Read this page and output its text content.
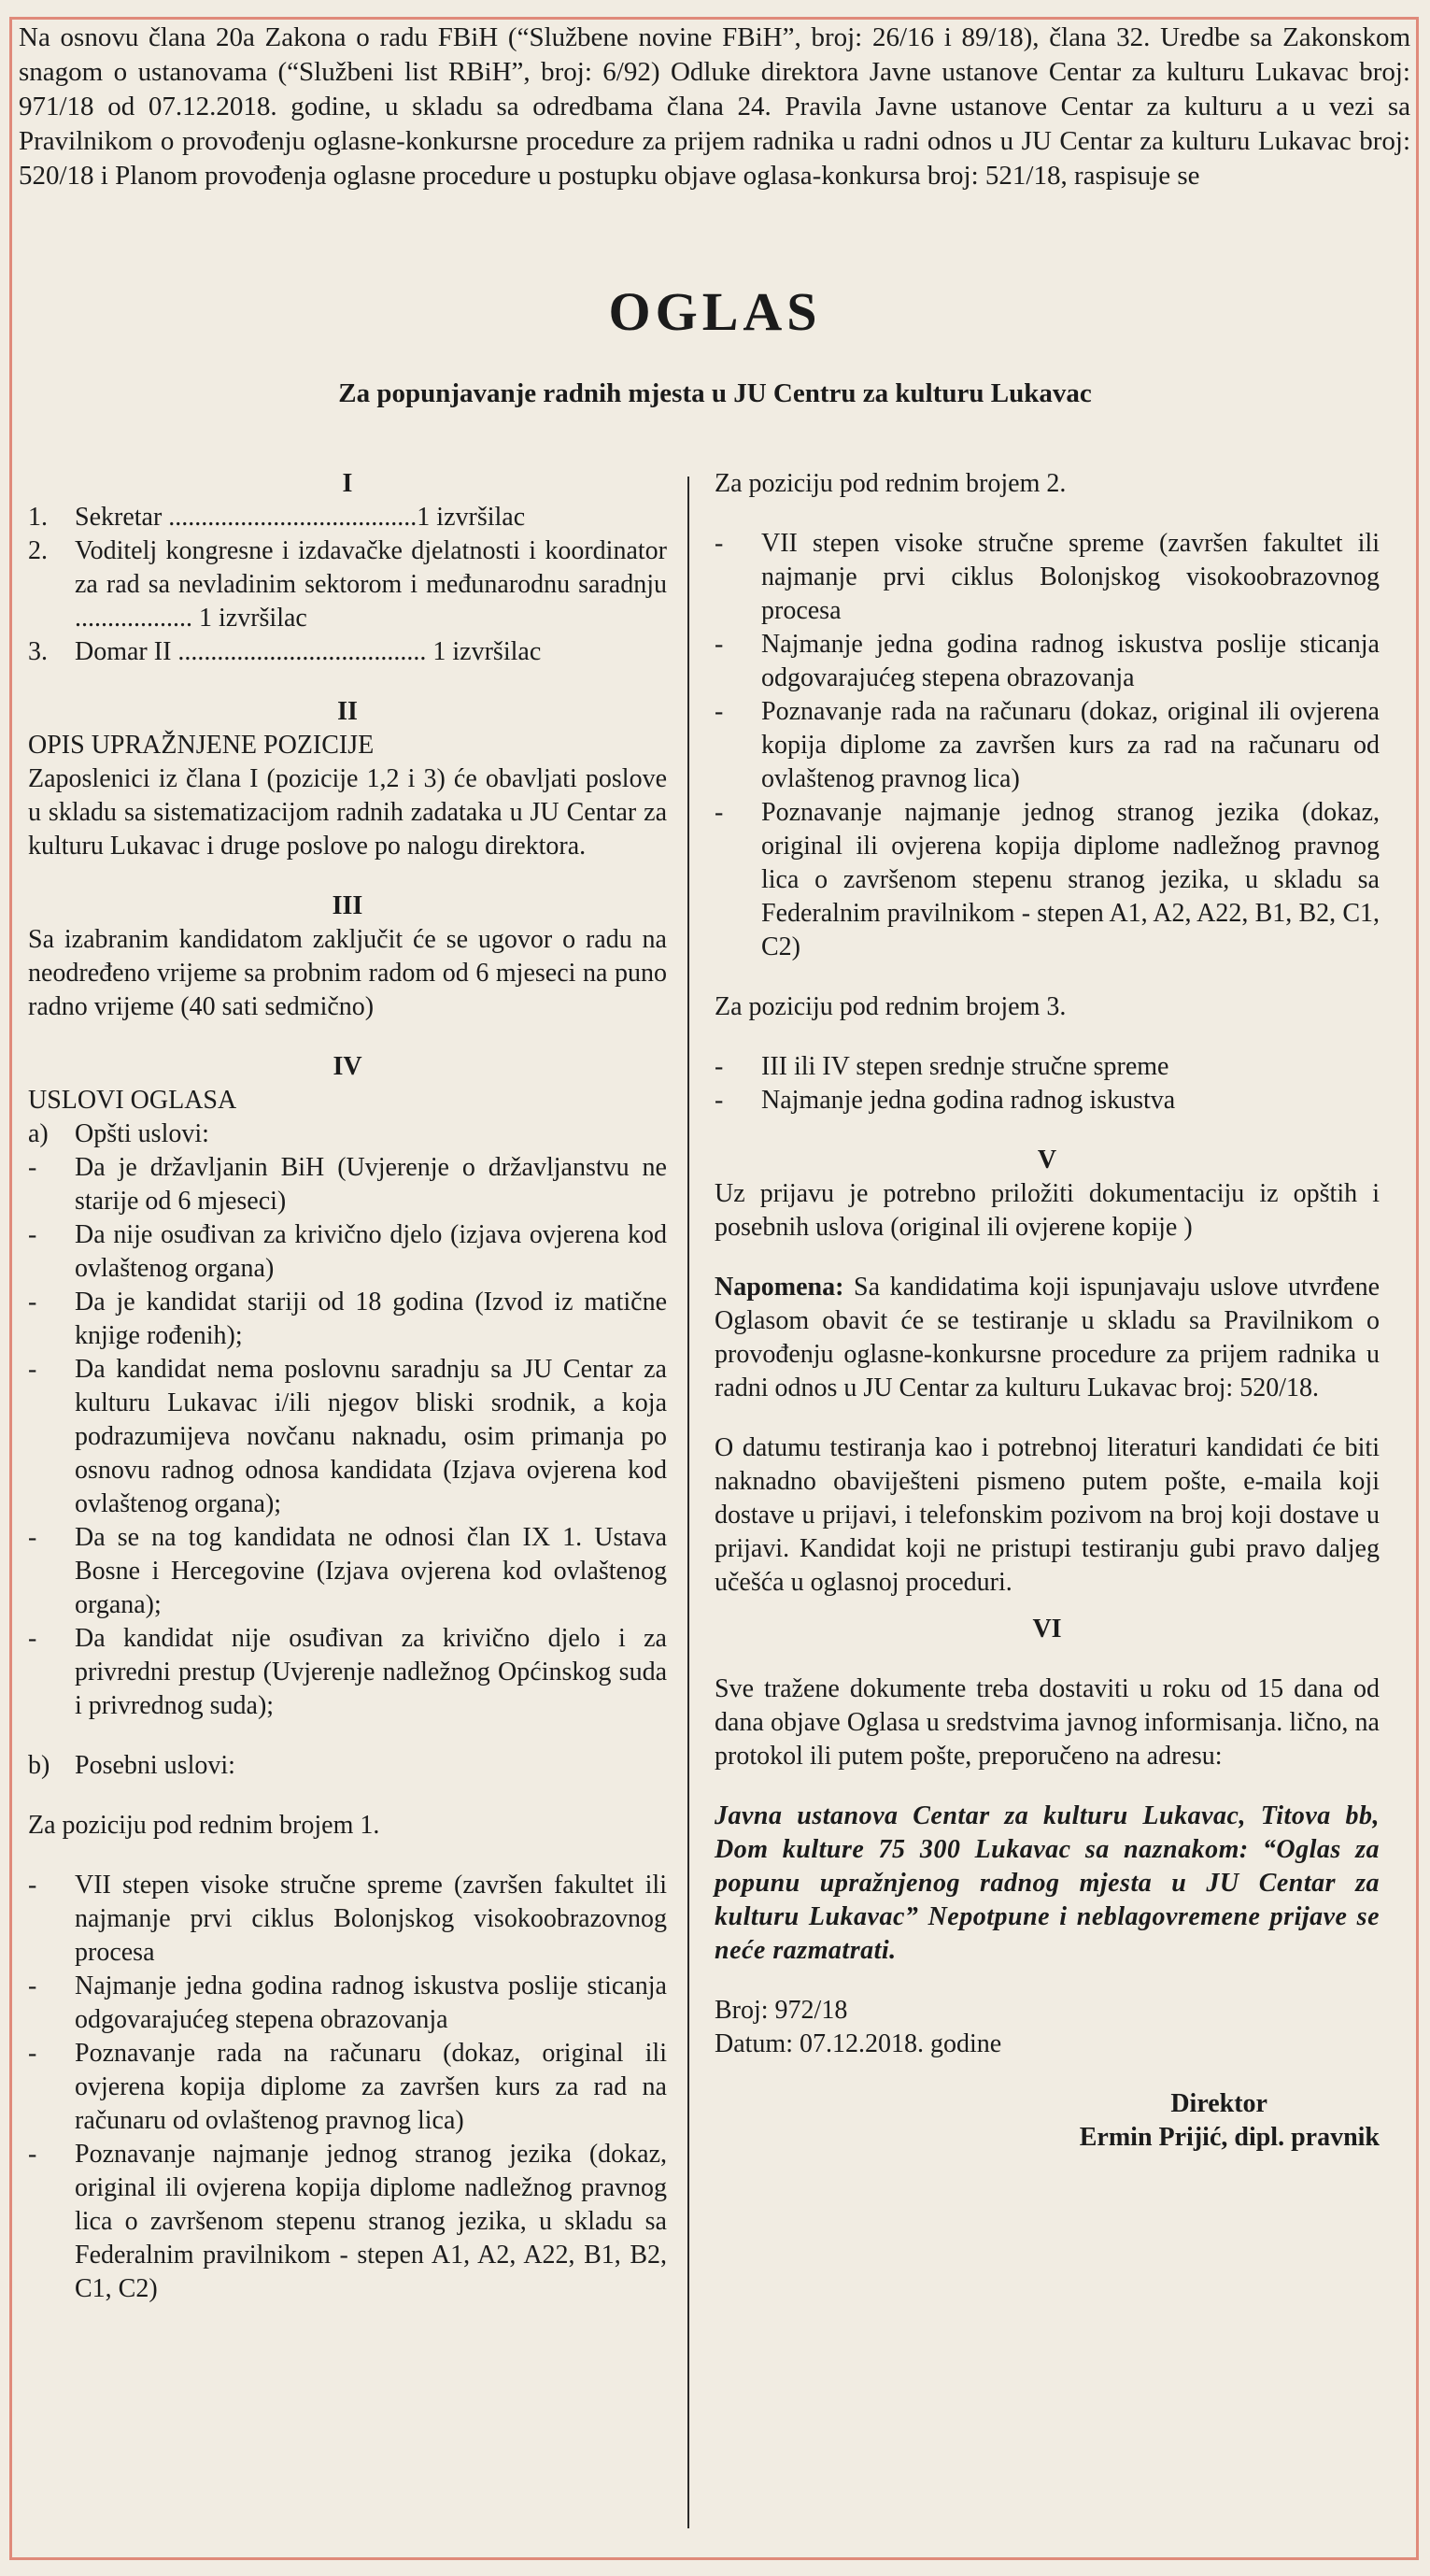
Na osnovu člana 20a Zakona o radu FBiH (“Službene novine FBiH”, broj: 26/16 i 89/18), člana 32. Uredbe sa Zakonskom snagom o ustanovama (“Službeni list RBiH”, broj: 6/92) Odluke direktora Javne ustanove Centar za kulturu Lukavac broj: 971/18 od 07.12.2018. godine, u skladu sa odredbama člana 24. Pravila Javne ustanove Centar za kulturu a u vezi sa Pravilnikom o provođenju oglasne-konkursne procedure za prijem radnika u radni odnos u JU Centar za kulturu Lukavac broj: 520/18 i Planom provođenja oglasne procedure u postupku objave oglasa-konkursa broj: 521/18, raspisuje se
OGLAS
Za popunjavanje radnih mjesta u JU Centru za kulturu Lukavac
I
1.	Sekretar ......................................1 izvršilac
2.	Voditelj kongresne i izdavačke djelatnosti i koordinator za rad sa nevladinim sektorom i međunarodnu saradnju .................. 1 izvršilac
3.	Domar II ...................................... 1 izvršilac
II
OPIS UPRAŽNJENE POZICIJE

Zaposlenici iz člana I (pozicije 1,2 i 3) će obavljati poslove u skladu sa sistematizacijom radnih zadataka u JU Centar za kulturu Lukavac i druge poslove po nalogu direktora.

III

Sa izabranim kandidatom zaključit će se ugovor o radu na neodređeno vrijeme sa probnim radom od 6 mjeseci na puno radno vrijeme (40 sati sedmično)

IV
USLOVI OGLASA
a)	Opšti uslovi:
-	Da je državljanin BiH (Uvjerenje o državljanstvu ne starije od 6 mjeseci)
-	Da nije osuđivan za krivično djelo (izjava ovjerena kod ovlaštenog organa)
-	Da je kandidat stariji od 18 godina (Izvod iz matične knjige rođenih);
-	Da kandidat nema poslovnu saradnju sa JU Centar za kulturu Lukavac i/ili njegov bliski srodnik, a koja podrazumijeva novčanu naknadu, osim primanja po osnovu radnog odnosa kandidata (Izjava ovjerena kod ovlaštenog organa);
-	Da se na tog kandidata ne odnosi član IX 1. Ustava Bosne i Hercegovine (Izjava ovjerena kod ovlaštenog organa);
-	Da kandidat nije osuđivan za krivično djelo i za privredni prestup (Uvjerenje nadležnog Općinskog suda i privrednog suda);
b) Posebni uslovi:
Za poziciju pod rednim brojem 1.
-	VII stepen visoke stručne spreme (završen fakultet ili najmanje prvi ciklus Bolonjskog visokoobrazovnog procesa
-	Najmanje jedna godina radnog iskustva poslije sticanja odgovarajućeg stepena obrazovanja
-	Poznavanje rada na računaru (dokaz, original ili ovjerena kopija diplome za završen kurs za rad na računaru od ovlaštenog pravnog lica)
-	Poznavanje najmanje jednog stranog jezika (dokaz, original ili ovjerena kopija diplome nadležnog pravnog lica o završenom stepenu stranog jezika, u skladu sa Federalnim pravilnikom - stepen A1, A2, A22, B1, B2, C1, C2)
Za poziciju pod rednim brojem 2.
-	VII stepen visoke stručne spreme (završen fakultet ili najmanje prvi ciklus Bolonjskog visokoobrazovnog procesa
-	Najmanje jedna godina radnog iskustva poslije sticanja odgovarajućeg stepena obrazovanja
-	Poznavanje rada na računaru (dokaz, original ili ovjerena kopija diplome za završen kurs za rad na računaru od ovlaštenog pravnog lica)
-	Poznavanje najmanje jednog stranog jezika (dokaz, original ili ovjerena kopija diplome nadležnog pravnog lica o završenom stepenu stranog jezika, u skladu sa Federalnim pravilnikom - stepen A1, A2, A22, B1, B2, C1, C2)
Za poziciju pod rednim brojem 3.
-	III ili IV stepen srednje stručne spreme
-	Najmanje jedna godina radnog iskustva
V

Uz prijavu je potrebno priložiti dokumentaciju iz opštih i posebnih uslova (original ili ovjerene kopije )

Napomena: Sa kandidatima koji ispunjavaju uslove utvrđene Oglasom obavit će se testiranje u skladu sa Pravilnikom o provođenju oglasne-konkursne procedure za prijem radnika u radni odnos u JU Centar za kulturu Lukavac broj: 520/18.

O datumu testiranja kao i potrebnoj literaturi kandidati će biti naknadno obaviješteni pismeno putem pošte, e-maila koji dostave u prijavi, i telefonskim pozivom na broj koji dostave u prijavi. Kandidat koji ne pristupi testiranju gubi pravo daljeg učešća u oglasnoj proceduri.

VI

Sve tražene dokumente treba dostaviti u roku od 15 dana od dana objave Oglasa u sredstvima javnog informisanja. lično, na protokol ili putem pošte, preporučeno na adresu:

Javna ustanova Centar za kulturu Lukavac, Titova bb, Dom kulture 75 300 Lukavac sa naznakom: “Oglas za popunu upražnjenog radnog mjesta u JU Centar za kulturu Lukavac” Nepotpune i neblagovremene prijave se neće razmatrati.

Broj: 972/18
Datum: 07.12.2018. godine
Direktor
Ermin Prijić, dipl. pravnik
